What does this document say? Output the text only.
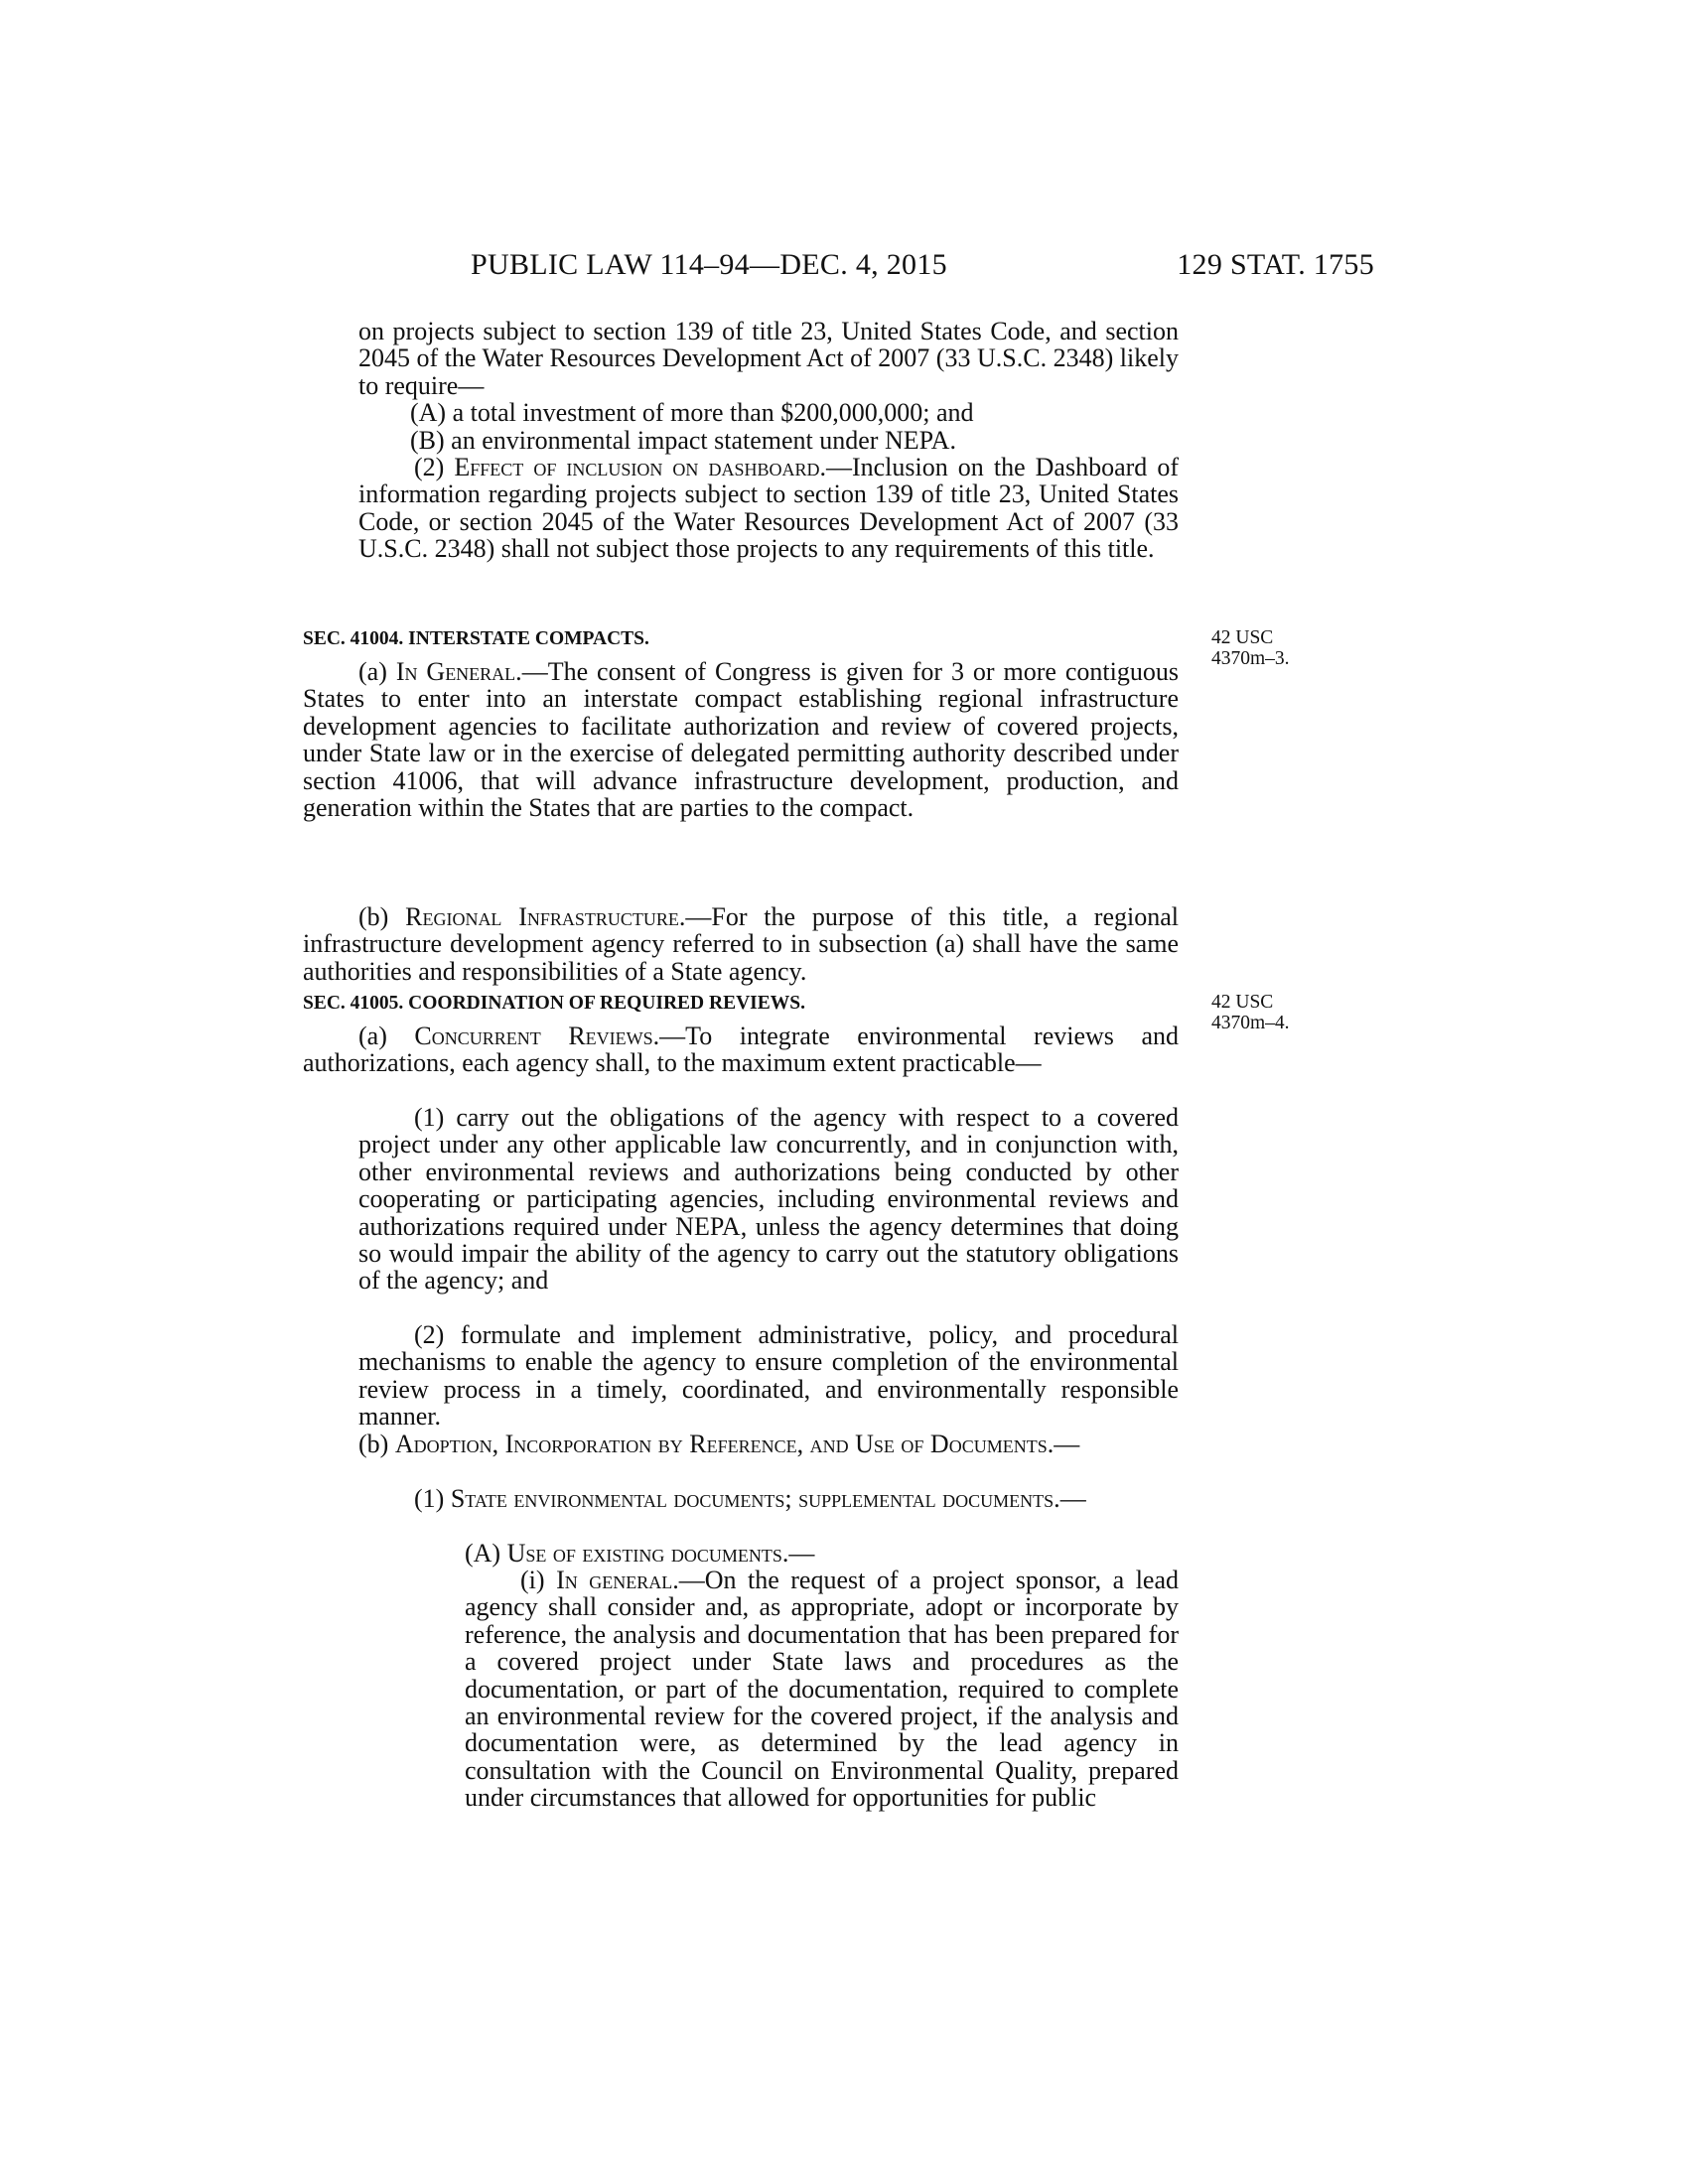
PUBLIC LAW 114–94—DEC. 4, 2015	129 STAT. 1755
on projects subject to section 139 of title 23, United States Code, and section 2045 of the Water Resources Development Act of 2007 (33 U.S.C. 2348) likely to require—
(A) a total investment of more than $200,000,000; and
(B) an environmental impact statement under NEPA.
(2) Effect of inclusion on dashboard.—Inclusion on the Dashboard of information regarding projects subject to section 139 of title 23, United States Code, or section 2045 of the Water Resources Development Act of 2007 (33 U.S.C. 2348) shall not subject those projects to any requirements of this title.
SEC. 41004. INTERSTATE COMPACTS.	42 USC
4370m–3.
(a) In General.—The consent of Congress is given for 3 or more contiguous States to enter into an interstate compact establishing regional infrastructure development agencies to facilitate authorization and review of covered projects, under State law or in the exercise of delegated permitting authority described under section 41006, that will advance infrastructure development, production, and generation within the States that are parties to the compact.
(b) Regional Infrastructure.—For the purpose of this title, a regional infrastructure development agency referred to in subsection (a) shall have the same authorities and responsibilities of a State agency.
SEC. 41005. COORDINATION OF REQUIRED REVIEWS.	42 USC
4370m–4.
(a) Concurrent Reviews.—To integrate environmental reviews and authorizations, each agency shall, to the maximum extent practicable—
(1) carry out the obligations of the agency with respect to a covered project under any other applicable law concurrently, and in conjunction with, other environmental reviews and authorizations being conducted by other cooperating or participating agencies, including environmental reviews and authorizations required under NEPA, unless the agency determines that doing so would impair the ability of the agency to carry out the statutory obligations of the agency; and
(2) formulate and implement administrative, policy, and procedural mechanisms to enable the agency to ensure completion of the environmental review process in a timely, coordinated, and environmentally responsible manner.
(b) Adoption, Incorporation by Reference, and Use of Documents.—
(1) State environmental documents; supplemental documents.—
(A) Use of existing documents.—
(i) In general.—On the request of a project sponsor, a lead agency shall consider and, as appropriate, adopt or incorporate by reference, the analysis and documentation that has been prepared for a covered project under State laws and procedures as the documentation, or part of the documentation, required to complete an environmental review for the covered project, if the analysis and documentation were, as determined by the lead agency in consultation with the Council on Environmental Quality, prepared under circumstances that allowed for opportunities for public
